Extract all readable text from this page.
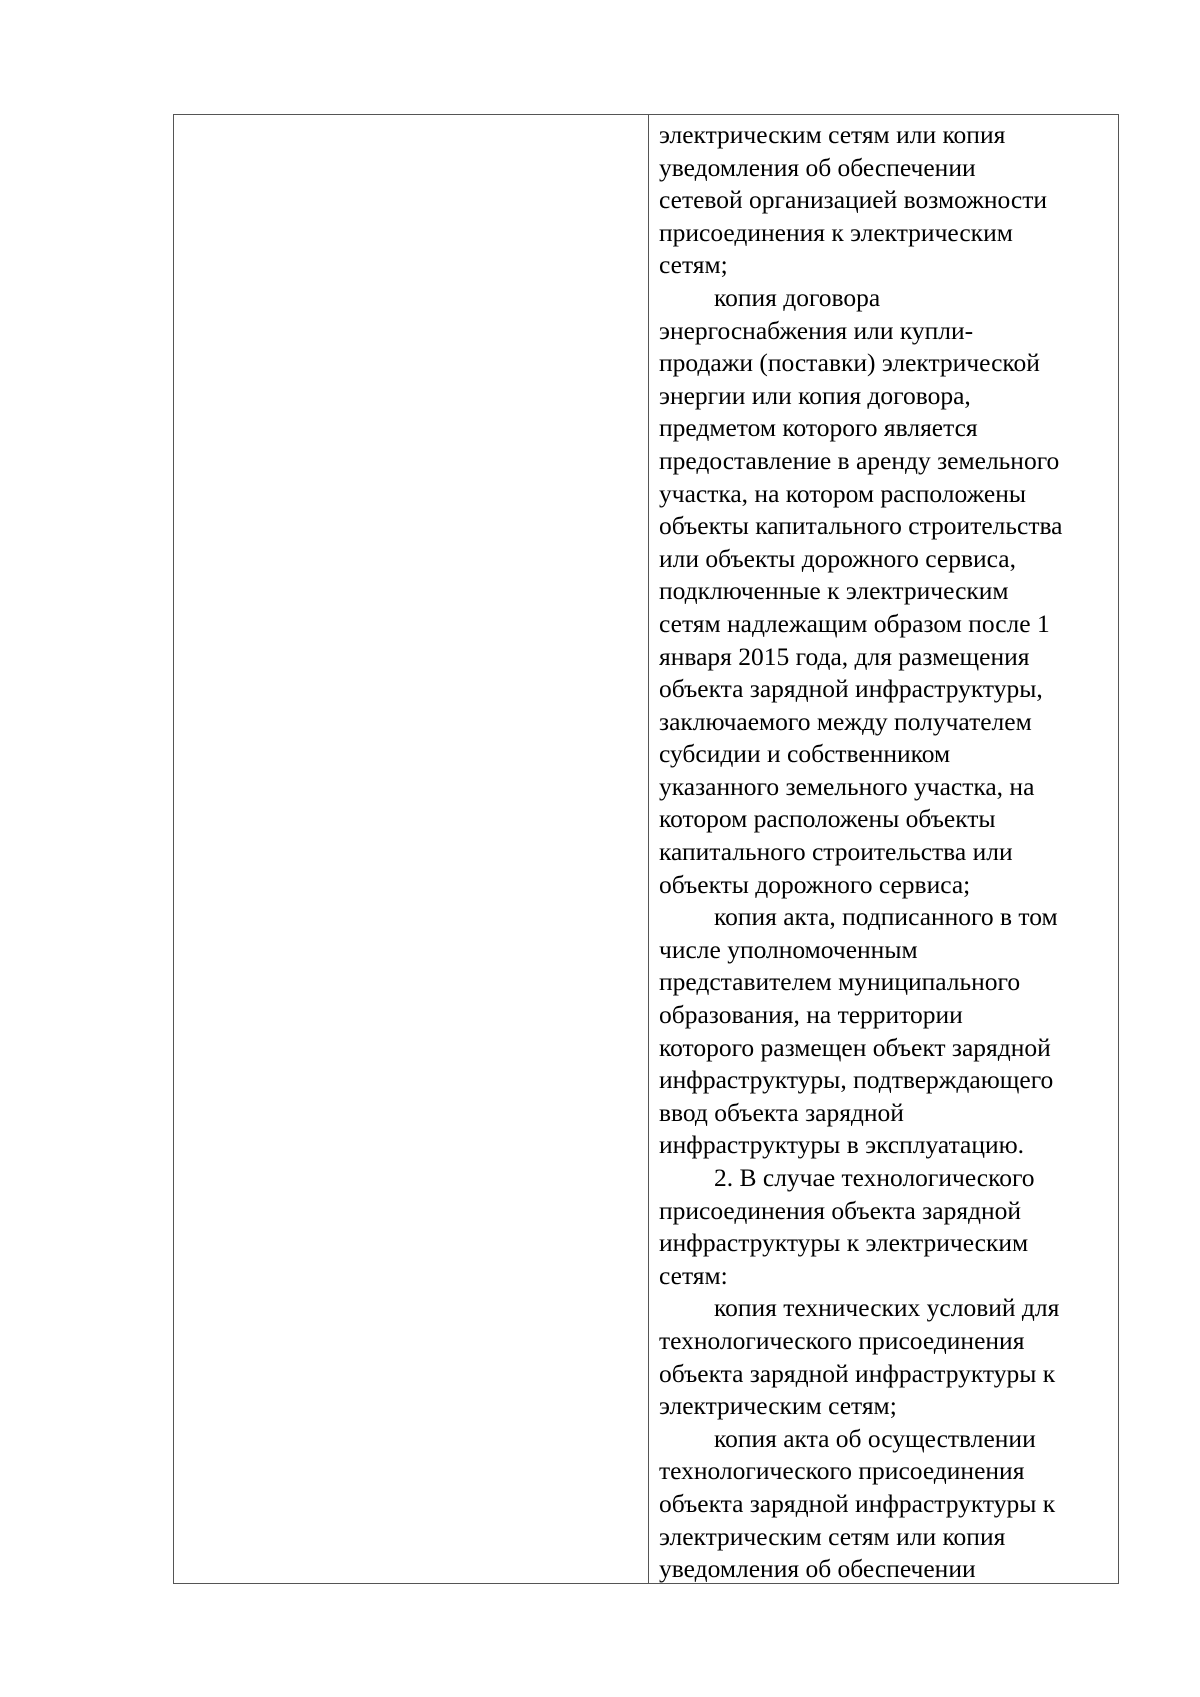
электрическим сетям или копия
уведомления об обеспечении
сетевой организацией возможности
присоединения к электрическим
сетям;

копия договора
энергоснабжения или купли-
продажи (поставки) электрической
энергии или копия договора,
предметом которого является
предоставление в аренду земельного
участка, на котором расположены
объекты капитального строительства
или объекты дорожного сервиса,
подключенные к электрическим
сетям надлежащим образом после 1
января 2015 года, для размещения
объекта зарядной инфраструктуры,
заключаемого между получателем
субсидии и собственником
указанного земельного участка, на
котором расположены объекты
капитального строительства или
объекты дорожного сервиса;

копия акта, подписанного в том
числе уполномоченным
представителем муниципального
образования, на территории
которого размещен объект зарядной
инфраструктуры, подтверждающего
ввод объекта зарядной
инфраструктуры в эксплуатацию.

2. В случае технологического
присоединения объекта зарядной
инфраструктуры к электрическим
сетям:

копия технических условий для
технологического присоединения
объекта зарядной инфраструктуры к
электрическим сетям;

копия акта об осуществлении
технологического присоединения
объекта зарядной инфраструктуры к
электрическим сетям или копия
уведомления об обеспечении
